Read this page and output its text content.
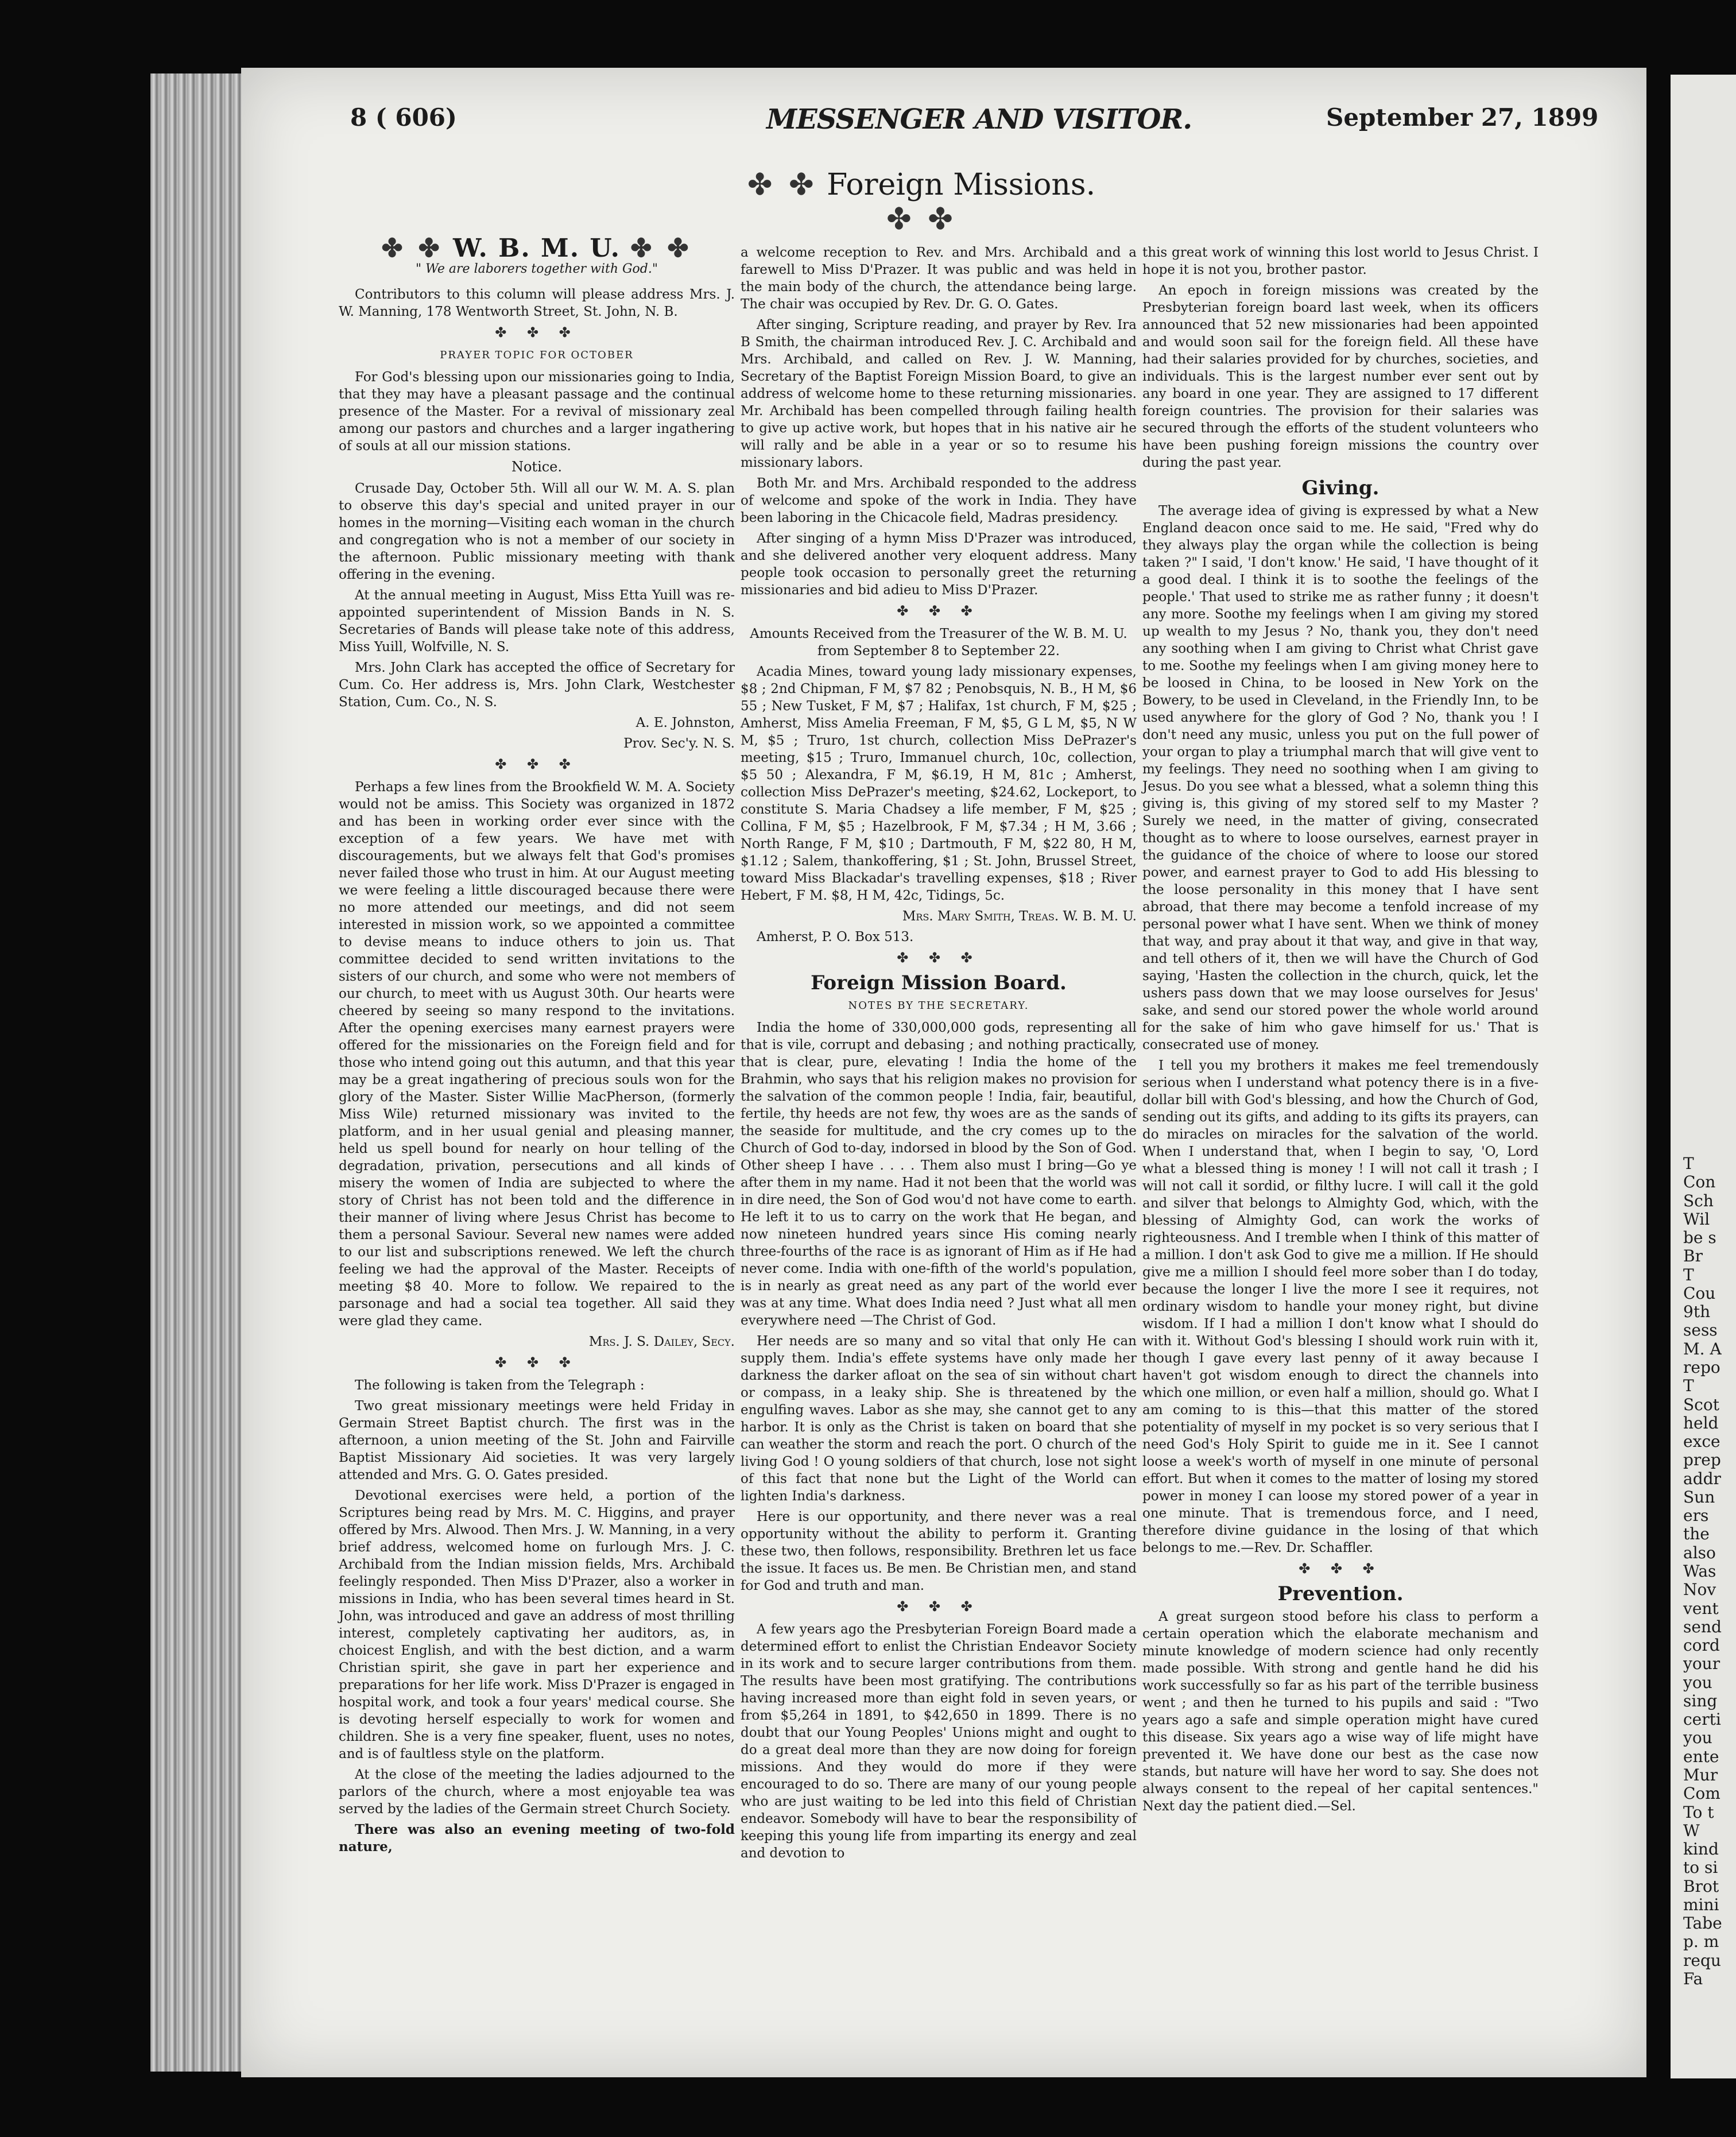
T
Con
Sch
Wil
be s
Br
T
Cou
9th
sess
M. A
repo
T
Scot
held
exce
prep
addr
Sun
ers
the
also
Was
Nov
vent
send
cord
your
you
sing
certi
you
ente
Mur
Com
To t
W
kind
to si
Brot
mini
Tabe
p. m
requ
Fa
8 ( 606)	MESSENGER AND VISITOR.	September 27, 1899
✤ ✤ Foreign Missions. ✤ ✤
✤ ✤ W. B. M. U. ✤ ✤
" We are laborers together with God."

Contributors to this column will please address Mrs. J. W. Manning, 178 Wentworth Street, St. John, N. B.

✤ ✤ ✤
PRAYER TOPIC FOR OCTOBER

For God's blessing upon our missionaries going to India, that they may have a pleasant passage and the continual presence of the Master. For a revival of missionary zeal among our pastors and churches and a larger ingathering of souls at all our mission stations.

Notice.

Crusade Day, October 5th. Will all our W. M. A. S. plan to observe this day's special and united prayer in our homes in the morning—Visiting each woman in the church and congregation who is not a member of our society in the afternoon. Public missionary meeting with thank offering in the evening.

At the annual meeting in August, Miss Etta Yuill was re-appointed superintendent of Mission Bands in N. S. Secretaries of Bands will please take note of this address, Miss Yuill, Wolfville, N. S.

Mrs. John Clark has accepted the office of Secretary for Cum. Co. Her address is, Mrs. John Clark, Westchester Station, Cum. Co., N. S.

A. E. Johnston,

Prov. Sec'y. N. S.

✤ ✤ ✤

Perhaps a few lines from the Brookfield W. M. A. Society would not be amiss. This Society was organized in 1872 and has been in working order ever since with the exception of a few years. We have met with discouragements, but we always felt that God's promises never failed those who trust in him. At our August meeting we were feeling a little discouraged because there were no more attended our meetings, and did not seem interested in mission work, so we appointed a committee to devise means to induce others to join us. That committee decided to send written invitations to the sisters of our church, and some who were not members of our church, to meet with us August 30th. Our hearts were cheered by seeing so many respond to the invitations. After the opening exercises many earnest prayers were offered for the missionaries on the Foreign field and for those who intend going out this autumn, and that this year may be a great ingathering of precious souls won for the glory of the Master. Sister Willie MacPherson, (formerly Miss Wile) returned missionary was invited to the platform, and in her usual genial and pleasing manner, held us spell bound for nearly on hour telling of the degradation, privation, persecutions and all kinds of misery the women of India are subjected to where the story of Christ has not been told and the difference in their manner of living where Jesus Christ has become to them a personal Saviour. Several new names were added to our list and subscriptions renewed. We left the church feeling we had the approval of the Master. Receipts of meeting $8 40. More to follow. We repaired to the parsonage and had a social tea together. All said they were glad they came.

Mrs. J. S. Dailey, Secy.

✤ ✤ ✤

The following is taken from the Telegraph :

Two great missionary meetings were held Friday in Germain Street Baptist church. The first was in the afternoon, a union meeting of the St. John and Fairville Baptist Missionary Aid societies. It was very largely attended and Mrs. G. O. Gates presided.

Devotional exercises were held, a portion of the Scriptures being read by Mrs. M. C. Higgins, and prayer offered by Mrs. Alwood. Then Mrs. J. W. Manning, in a very brief address, welcomed home on furlough Mrs. J. C. Archibald from the Indian mission fields, Mrs. Archibald feelingly responded. Then Miss D'Prazer, also a worker in missions in India, who has been several times heard in St. John, was introduced and gave an address of most thrilling interest, completely captivating her auditors, as, in choicest English, and with the best diction, and a warm Christian spirit, she gave in part her experience and preparations for her life work. Miss D'Prazer is engaged in hospital work, and took a four years' medical course. She is devoting herself especially to work for women and children. She is a very fine speaker, fluent, uses no notes, and is of faultless style on the platform.

At the close of the meeting the ladies adjourned to the parlors of the church, where a most enjoyable tea was served by the ladies of the Germain street Church Society.

There was also an evening meeting of two-fold nature,

a welcome reception to Rev. and Mrs. Archibald and a farewell to Miss D'Prazer. It was public and was held in the main body of the church, the attendance being large. The chair was occupied by Rev. Dr. G. O. Gates.

After singing, Scripture reading, and prayer by Rev. Ira B Smith, the chairman introduced Rev. J. C. Archibald and Mrs. Archibald, and called on Rev. J. W. Manning, Secretary of the Baptist Foreign Mission Board, to give an address of welcome home to these returning missionaries. Mr. Archibald has been compelled through failing health to give up active work, but hopes that in his native air he will rally and be able in a year or so to resume his missionary labors.

Both Mr. and Mrs. Archibald responded to the address of welcome and spoke of the work in India. They have been laboring in the Chicacole field, Madras presidency.

After singing of a hymn Miss D'Prazer was introduced, and she delivered another very eloquent address. Many people took occasion to personally greet the returning missionaries and bid adieu to Miss D'Prazer.

✤ ✤ ✤

Amounts Received from the Treasurer of the W. B. M. U. from September 8 to September 22.

Acadia Mines, toward young lady missionary expenses, $8 ; 2nd Chipman, F M, $7 82 ; Penobsquis, N. B., H M, $6 55 ; New Tusket, F M, $7 ; Halifax, 1st church, F M, $25 ; Amherst, Miss Amelia Freeman, F M, $5, G L M, $5, N W M, $5 ; Truro, 1st church, collection Miss DePrazer's meeting, $15 ; Truro, Immanuel church, 10c, collection, $5 50 ; Alexandra, F M, $6.19, H M, 81c ; Amherst, collection Miss DePrazer's meeting, $24.62, Lockeport, to constitute S. Maria Chadsey a life member, F M, $25 ; Collina, F M, $5 ; Hazelbrook, F M, $7.34 ; H M, 3.66 ; North Range, F M, $10 ; Dartmouth, F M, $22 80, H M, $1.12 ; Salem, thankoffering, $1 ; St. John, Brussel Street, toward Miss Blackadar's travelling expenses, $18 ; River Hebert, F M. $8, H M, 42c, Tidings, 5c.

Mrs. Mary Smith, Treas. W. B. M. U.

Amherst, P. O. Box 513.

✤ ✤ ✤
Foreign Mission Board.
NOTES BY THE SECRETARY.

India the home of 330,000,000 gods, representing all that is vile, corrupt and debasing ; and nothing practically, that is clear, pure, elevating ! India the home of the Brahmin, who says that his religion makes no provision for the salvation of the common people ! India, fair, beautiful, fertile, thy heeds are not few, thy woes are as the sands of the seaside for multitude, and the cry comes up to the Church of God to-day, indorsed in blood by the Son of God. Other sheep I have . . . . Them also must I bring—Go ye after them in my name. Had it not been that the world was in dire need, the Son of God wou'd not have come to earth. He left it to us to carry on the work that He began, and now nineteen hundred years since His coming nearly three-fourths of the race is as ignorant of Him as if He had never come. India with one-fifth of the world's population, is in nearly as great need as any part of the world ever was at any time. What does India need ? Just what all men everywhere need —The Christ of God.

Her needs are so many and so vital that only He can supply them. India's effete systems have only made her darkness the darker afloat on the sea of sin without chart or compass, in a leaky ship. She is threatened by the engulfing waves. Labor as she may, she cannot get to any harbor. It is only as the Christ is taken on board that she can weather the storm and reach the port. O church of the living God ! O young soldiers of that church, lose not sight of this fact that none but the Light of the World can lighten India's darkness.

Here is our opportunity, and there never was a real opportunity without the ability to perform it. Granting these two, then follows, responsibility. Brethren let us face the issue. It faces us. Be men. Be Christian men, and stand for God and truth and man.

✤ ✤ ✤

A few years ago the Presbyterian Foreign Board made a determined effort to enlist the Christian Endeavor Society in its work and to secure larger contributions from them. The results have been most gratifying. The contributions having increased more than eight fold in seven years, or from $5,264 in 1891, to $42,650 in 1899. There is no doubt that our Young Peoples' Unions might and ought to do a great deal more than they are now doing for foreign missions. And they would do more if they were encouraged to do so. There are many of our young people who are just waiting to be led into this field of Christian endeavor. Somebody will have to bear the responsibility of keeping this young life from imparting its energy and zeal and devotion to

this great work of winning this lost world to Jesus Christ. I hope it is not you, brother pastor.

An epoch in foreign missions was created by the Presbyterian foreign board last week, when its officers announced that 52 new missionaries had been appointed and would soon sail for the foreign field. All these have had their salaries provided for by churches, societies, and individuals. This is the largest number ever sent out by any board in one year. They are assigned to 17 different foreign countries. The provision for their salaries was secured through the efforts of the student volunteers who have been pushing foreign missions the country over during the past year.

Giving.

The average idea of giving is expressed by what a New England deacon once said to me. He said, "Fred why do they always play the organ while the collection is being taken ?" I said, 'I don't know.' He said, 'I have thought of it a good deal. I think it is to soothe the feelings of the people.' That used to strike me as rather funny ; it doesn't any more. Soothe my feelings when I am giving my stored up wealth to my Jesus ? No, thank you, they don't need any soothing when I am giving to Christ what Christ gave to me. Soothe my feelings when I am giving money here to be loosed in China, to be loosed in New York on the Bowery, to be used in Cleveland, in the Friendly Inn, to be used anywhere for the glory of God ? No, thank you ! I don't need any music, unless you put on the full power of your organ to play a triumphal march that will give vent to my feelings. They need no soothing when I am giving to Jesus. Do you see what a blessed, what a solemn thing this giving is, this giving of my stored self to my Master ? Surely we need, in the matter of giving, consecrated thought as to where to loose ourselves, earnest prayer in the guidance of the choice of where to loose our stored power, and earnest prayer to God to add His blessing to the loose personality in this money that I have sent abroad, that there may become a tenfold increase of my personal power what I have sent. When we think of money that way, and pray about it that way, and give in that way, and tell others of it, then we will have the Church of God saying, 'Hasten the collection in the church, quick, let the ushers pass down that we may loose ourselves for Jesus' sake, and send our stored power the whole world around for the sake of him who gave himself for us.' That is consecrated use of money.

I tell you my brothers it makes me feel tremendously serious when I understand what potency there is in a five-dollar bill with God's blessing, and how the Church of God, sending out its gifts, and adding to its gifts its prayers, can do miracles on miracles for the salvation of the world. When I understand that, when I begin to say, 'O, Lord what a blessed thing is money ! I will not call it trash ; I will not call it sordid, or filthy lucre. I will call it the gold and silver that belongs to Almighty God, which, with the blessing of Almighty God, can work the works of righteousness. And I tremble when I think of this matter of a million. I don't ask God to give me a million. If He should give me a million I should feel more sober than I do today, because the longer I live the more I see it requires, not ordinary wisdom to handle your money right, but divine wisdom. If I had a million I don't know what I should do with it. Without God's blessing I should work ruin with it, though I gave every last penny of it away because I haven't got wisdom enough to direct the channels into which one million, or even half a million, should go. What I am coming to is this—that this matter of the stored potentiality of myself in my pocket is so very serious that I need God's Holy Spirit to guide me in it. See I cannot loose a week's worth of myself in one minute of personal effort. But when it comes to the matter of losing my stored power in money I can loose my stored power of a year in one minute. That is tremendous force, and I need, therefore divine guidance in the losing of that which belongs to me.—Rev. Dr. Schaffler.

✤ ✤ ✤
Prevention.

A great surgeon stood before his class to perform a certain operation which the elaborate mechanism and minute knowledge of modern science had only recently made possible. With strong and gentle hand he did his work successfully so far as his part of the terrible business went ; and then he turned to his pupils and said : "Two years ago a safe and simple operation might have cured this disease. Six years ago a wise way of life might have prevented it. We have done our best as the case now stands, but nature will have her word to say. She does not always consent to the repeal of her capital sentences." Next day the patient died.—Sel.
